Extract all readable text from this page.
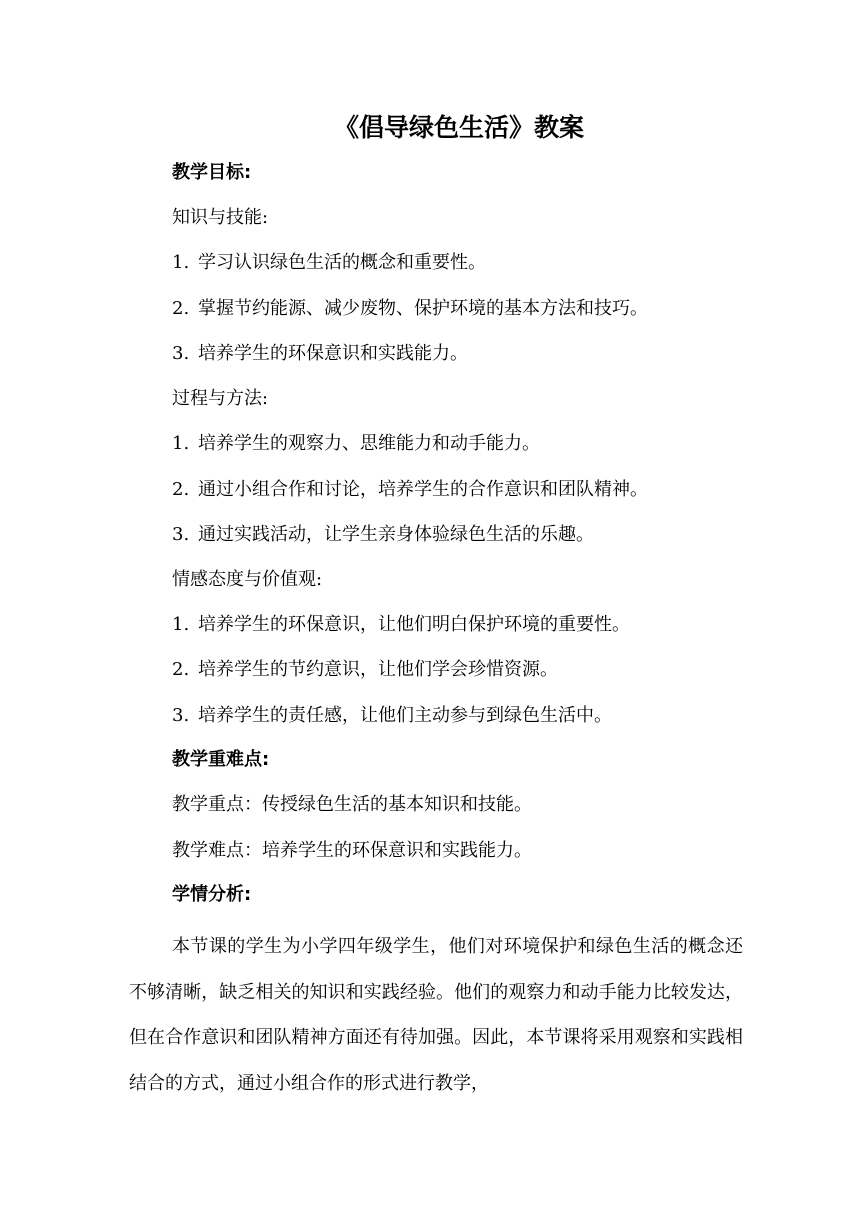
《倡导绿色生活》教案
教学目标:
知识与技能:
1. 学习认识绿色生活的概念和重要性。
2. 掌握节约能源、减少废物、保护环境的基本方法和技巧。
3. 培养学生的环保意识和实践能力。
过程与方法:
1. 培养学生的观察力、思维能力和动手能力。
2. 通过小组合作和讨论，培养学生的合作意识和团队精神。
3. 通过实践活动，让学生亲身体验绿色生活的乐趣。
情感态度与价值观:
1. 培养学生的环保意识，让他们明白保护环境的重要性。
2. 培养学生的节约意识，让他们学会珍惜资源。
3. 培养学生的责任感，让他们主动参与到绿色生活中。
教学重难点:
教学重点：传授绿色生活的基本知识和技能。
教学难点：培养学生的环保意识和实践能力。
学情分析:
本节课的学生为小学四年级学生，他们对环境保护和绿色生活的概念还不够清晰，缺乏相关的知识和实践经验。他们的观察力和动手能力比较发达，但在合作意识和团队精神方面还有待加强。因此，本节课将采用观察和实践相结合的方式，通过小组合作的形式进行教学，
